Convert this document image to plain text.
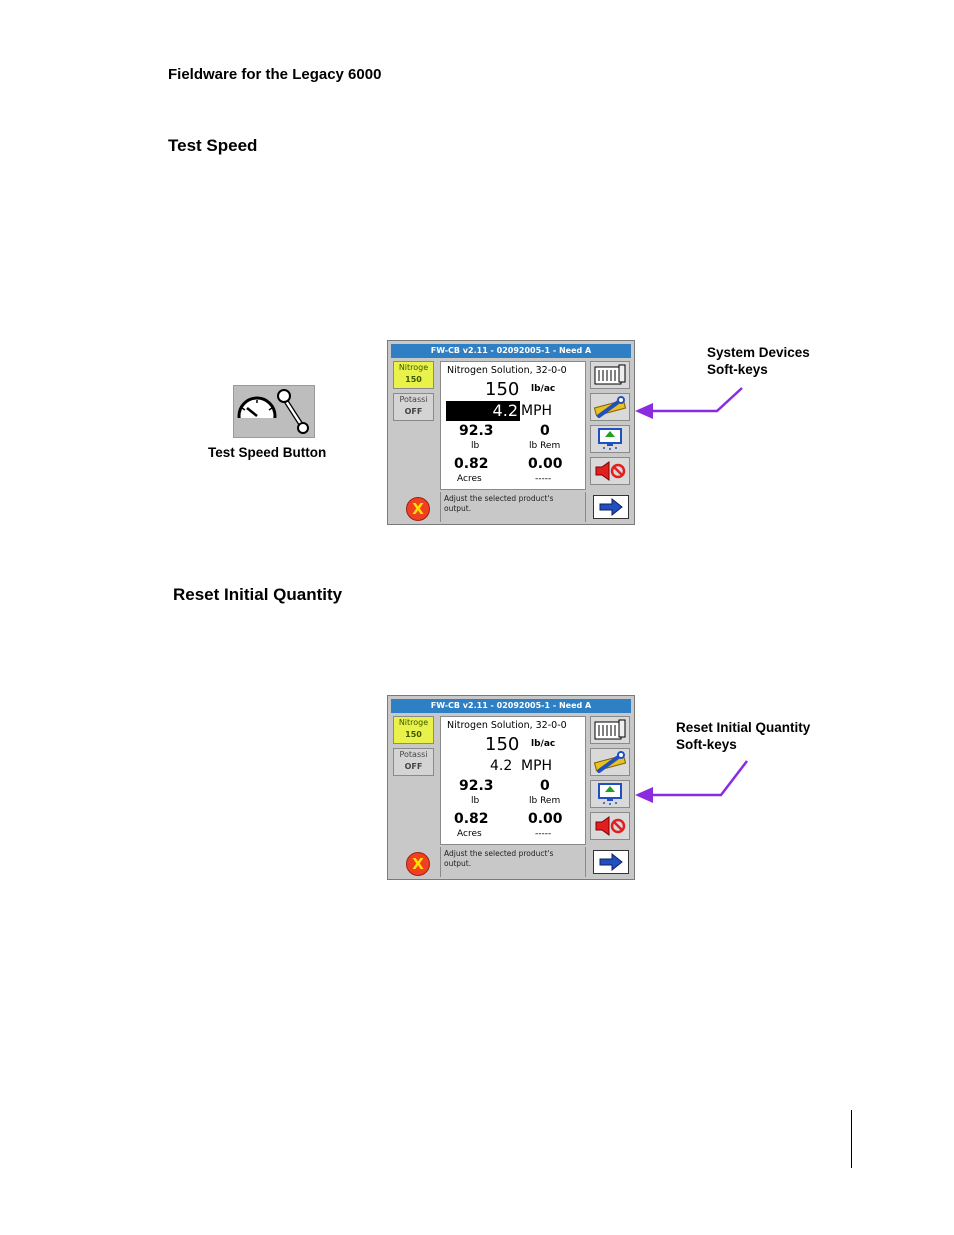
Fieldware for the Legacy 6000
Test Speed
Reset Initial Quantity
Test Speed Button
System Devices
Soft-keys
Reset Initial Quantity
Soft-keys
FW-CB v2.11 - 02092005-1 - Need A
Nitroge
150
Potassi
OFF
Nitrogen Solution, 32-0-0
150 lb/ac
4.2 MPH
92.3
lb
0
lb Rem
0.82
Acres
0.00
-----
X
Adjust the selected product's output.
FW-CB v2.11 - 02092005-1 - Need A
Nitroge
150
Potassi
OFF
Nitrogen Solution, 32-0-0
150 lb/ac
4.2 MPH
92.3
lb
0
lb Rem
0.82
Acres
0.00
-----
X
Adjust the selected product's output.
